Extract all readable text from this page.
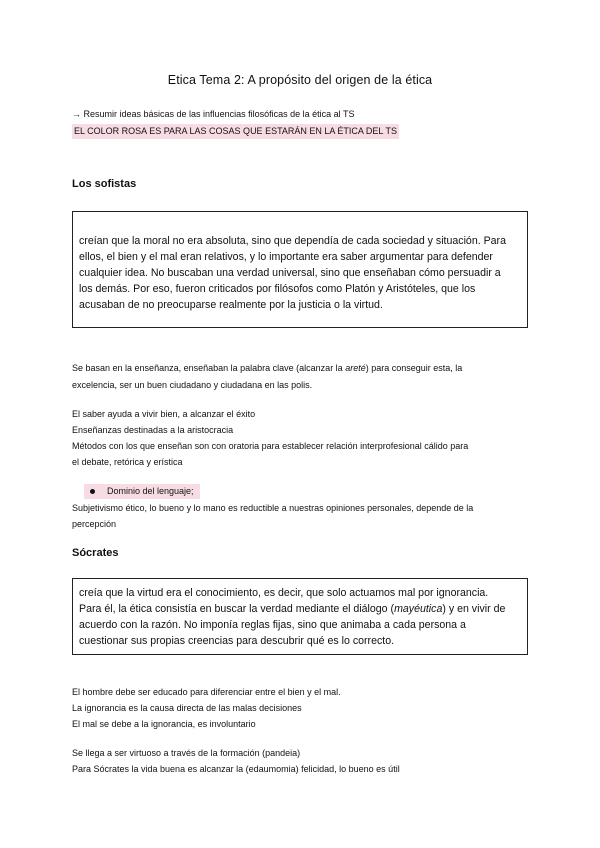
Etica Tema 2: A propósito del origen de la ética
→ Resumir ideas básicas de las influencias filosóficas de la ética al TS
EL COLOR ROSA ES PARA LAS COSAS QUE ESTARÁN EN LA ÉTICA DEL TS
Los sofistas

creían que la moral no era absoluta, sino que dependía de cada sociedad y situación. Para

ellos, el bien y el mal eran relativos, y lo importante era saber argumentar para defender

cualquier idea. No buscaban una verdad universal, sino que enseñaban cómo persuadir a

los demás. Por eso, fueron criticados por filósofos como Platón y Aristóteles, que los

acusaban de no preocuparse realmente por la justicia o la virtud.

Se basan en la enseñanza, enseñaban la palabra clave (alcanzar la areté) para conseguir esta, la
excelencia, ser un buen ciudadano y ciudadana en las polis.
El saber ayuda a vivir bien, a alcanzar el éxito
Enseñanzas destinadas a la aristocracia
Métodos con los que enseñan son con oratoria para establecer relación interprofesional cálido para
el debate, retórica y erística
Dominio del lenguaje;
Subjetivismo ético, lo bueno y lo mano es reductible a nuestras opiniones personales, depende de la
percepción
Sócrates

creía que la virtud era el conocimiento, es decir, que solo actuamos mal por ignorancia.

Para él, la ética consistía en buscar la verdad mediante el diálogo (mayéutica) y en vivir de

acuerdo con la razón. No imponía reglas fijas, sino que animaba a cada persona a

cuestionar sus propias creencias para descubrir qué es lo correcto.

El hombre debe ser educado para diferenciar entre el bien y el mal.
La ignorancia es la causa directa de las malas decisiones
El mal se debe a la ignorancia, es involuntario
Se llega a ser virtuoso a través de la formación (pandeia)
Para Sócrates la vida buena es alcanzar la (edaumomia) felicidad, lo bueno es útil
